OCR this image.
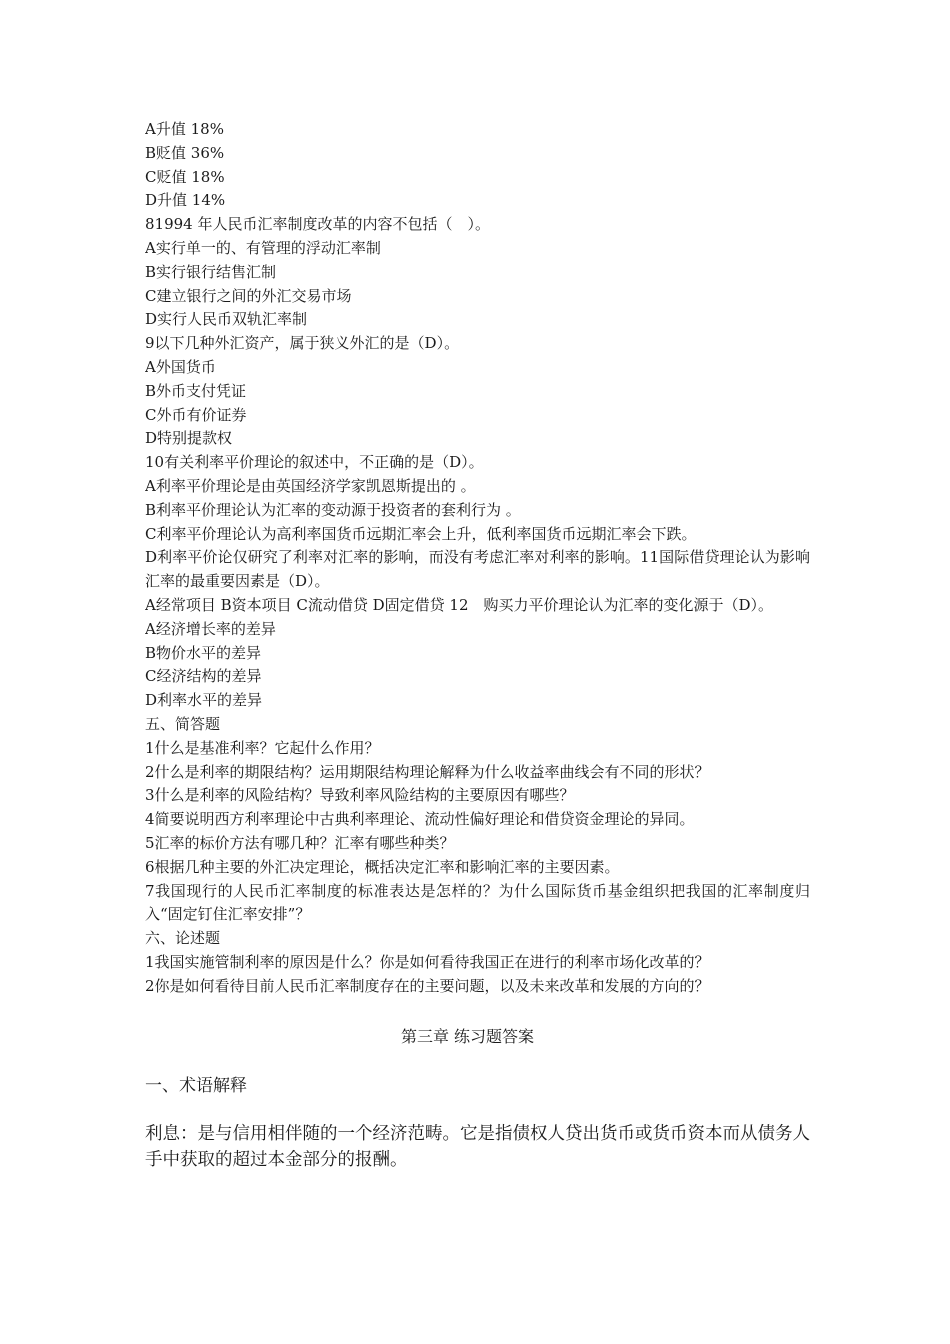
A升值 18%
B贬值 36%
C贬值 18%
D升值 14%
81994 年人民币汇率制度改革的内容不包括（　）。
A实行单一的、有管理的浮动汇率制
B实行银行结售汇制
C建立银行之间的外汇交易市场
D实行人民币双轨汇率制
9以下几种外汇资产，属于狭义外汇的是（D）。
A外国货币
B外币支付凭证
C外币有价证券
D特别提款权
10有关利率平价理论的叙述中，不正确的是（D）。
A利率平价理论是由英国经济学家凯恩斯提出的 。
B利率平价理论认为汇率的变动源于投资者的套利行为 。
C利率平价理论认为高利率国货币远期汇率会上升，低利率国货币远期汇率会下跌。
D利率平价论仅研究了利率对汇率的影响，而没有考虑汇率对利率的影响。11国际借贷理论认为影响汇率的最重要因素是（D）。
A经常项目 B资本项目 C流动借贷 D固定借贷 12　购买力平价理论认为汇率的变化源于（D）。
A经济增长率的差异
B物价水平的差异
C经济结构的差异
D利率水平的差异
五、简答题
1什么是基准利率？它起什么作用？
2什么是利率的期限结构？运用期限结构理论解释为什么收益率曲线会有不同的形状？
3什么是利率的风险结构？导致利率风险结构的主要原因有哪些？
4简要说明西方利率理论中古典利率理论、流动性偏好理论和借贷资金理论的异同。
5汇率的标价方法有哪几种？汇率有哪些种类？
6根据几种主要的外汇决定理论，概括决定汇率和影响汇率的主要因素。
7我国现行的人民币汇率制度的标准表达是怎样的？为什么国际货币基金组织把我国的汇率制度归入“固定钉住汇率安排”？
六、论述题
1我国实施管制利率的原因是什么？你是如何看待我国正在进行的利率市场化改革的？
2你是如何看待目前人民币汇率制度存在的主要问题，以及未来改革和发展的方向的？
第三章 练习题答案
一、术语解释
利息：是与信用相伴随的一个经济范畴。它是指债权人贷出货币或货币资本而从债务人手中获取的超过本金部分的报酬。
